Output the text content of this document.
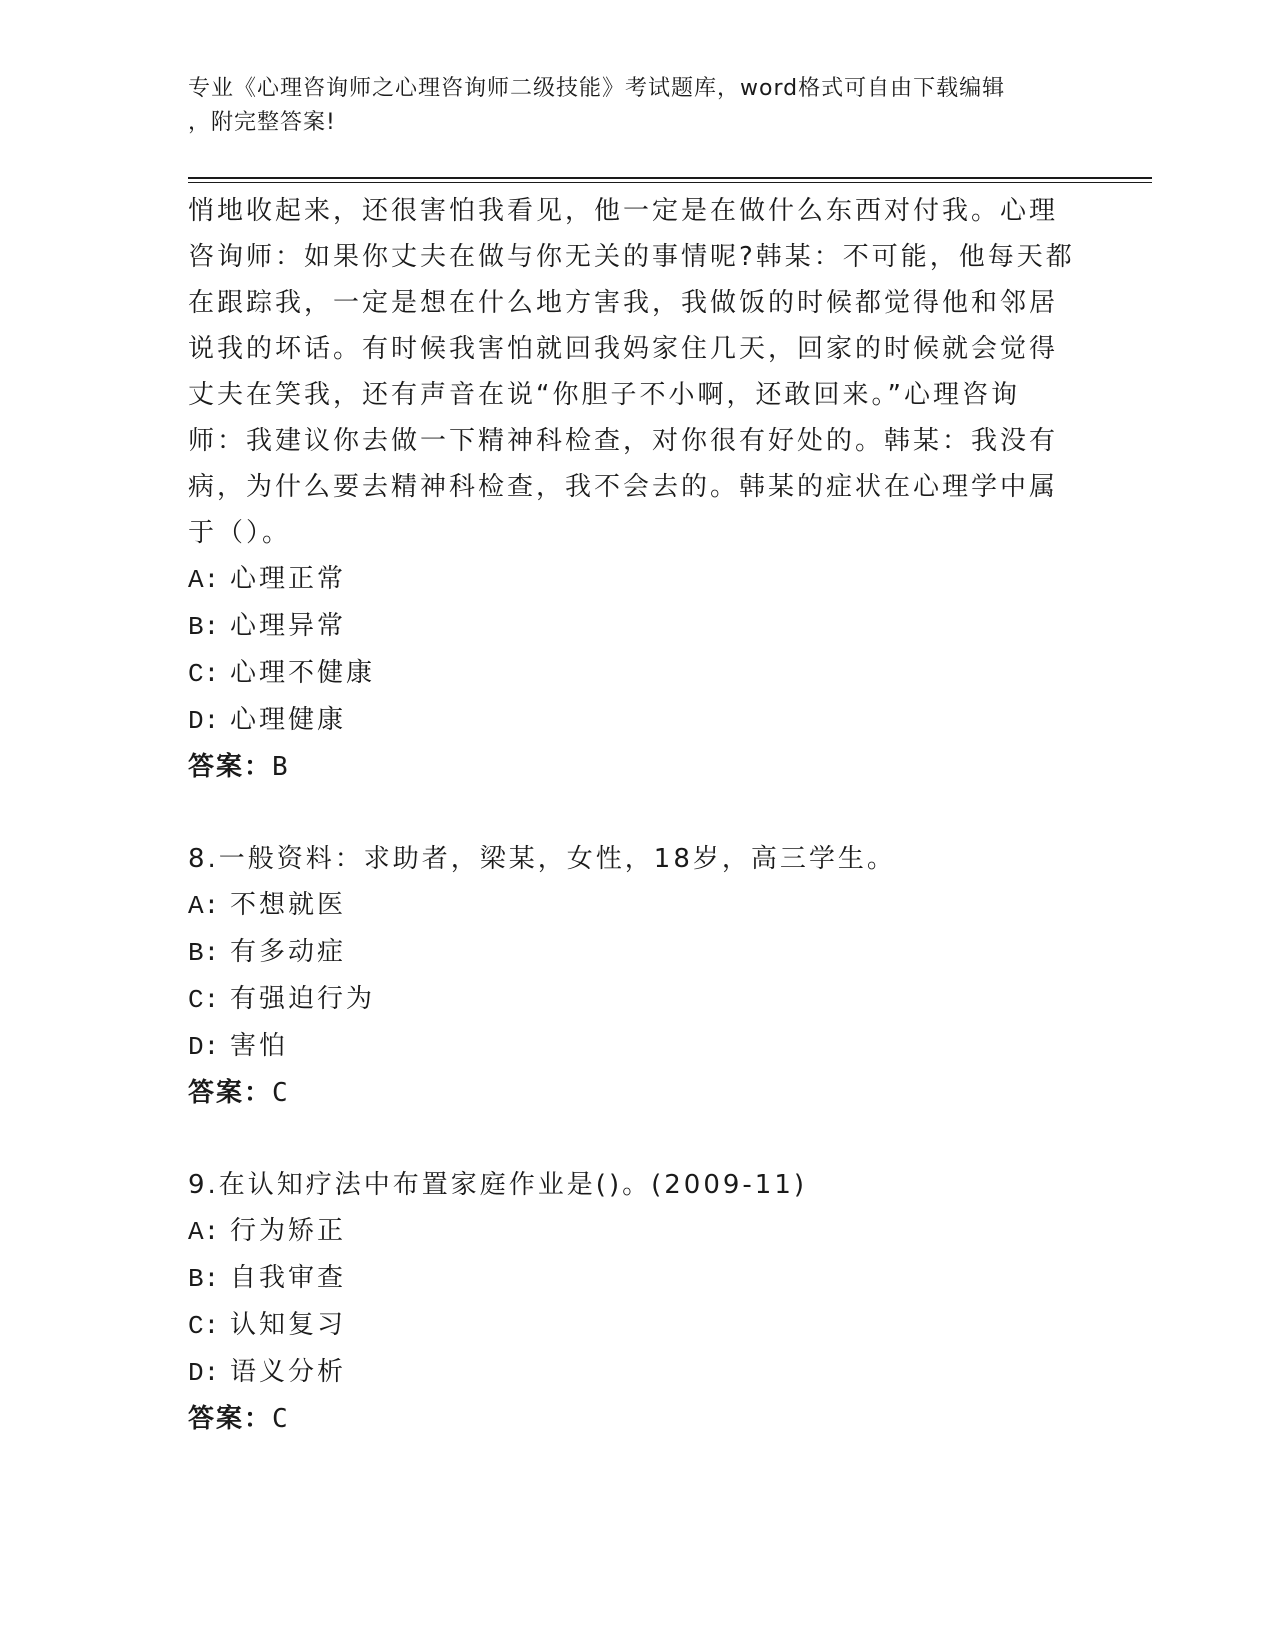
专业《心理咨询师之心理咨询师二级技能》考试题库，word格式可自由下载编辑
，附完整答案!

悄地收起来，还很害怕我看见，他一定是在做什么东西对付我。心理

咨询师：如果你丈夫在做与你无关的事情呢?韩某：不可能，他每天都

在跟踪我，一定是想在什么地方害我，我做饭的时候都觉得他和邻居

说我的坏话。有时候我害怕就回我妈家住几天，回家的时候就会觉得

丈夫在笑我，还有声音在说“你胆子不小啊，还敢回来。”心理咨询

师：我建议你去做一下精神科检查，对你很有好处的。韩某：我没有

病，为什么要去精神科检查，我不会去的。韩某的症状在心理学中属

于（）。

A: 心理正常

B: 心理异常

C: 心理不健康

D: 心理健康

答案：B

8.一般资料：求助者，梁某，女性，18岁，高三学生。

A: 不想就医

B: 有多动症

C: 有强迫行为

D: 害怕

答案：C

9.在认知疗法中布置家庭作业是()。(2009-11)

A: 行为矫正

B: 自我审查

C: 认知复习

D: 语义分析

答案：C
